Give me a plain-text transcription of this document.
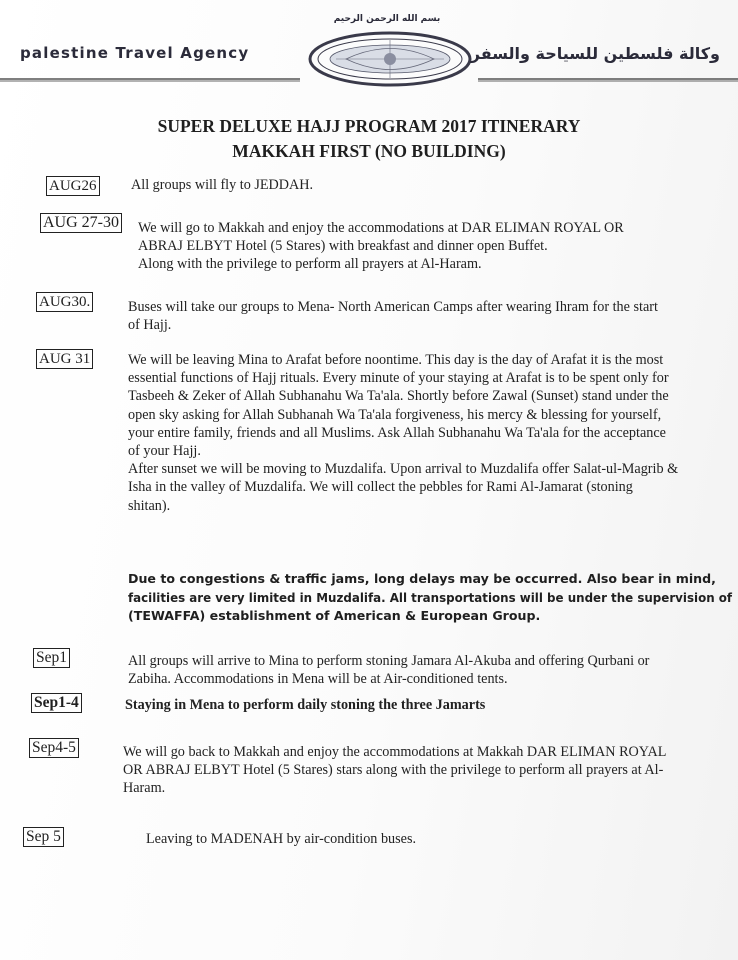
بسم الله الرحمن الرحيم
palestine Travel Agency	وكالة فلسطين للسياحة والسفر
SUPER DELUXE HAJJ PROGRAM 2017 ITINERARY
MAKKAH FIRST (NO BUILDING)
AUG26 All groups will fly to JEDDAH.
AUG 27-30 We will go to Makkah and enjoy the accommodations at DAR ELIMAN ROYAL OR
ABRAJ ELBYT Hotel (5 Stares) with breakfast and dinner open Buffet.
Along with the privilege to perform all prayers at Al-Haram.
AUG30.	Buses will take our groups to Mena- North American Camps after wearing Ihram for the start
of Hajj.
AUG 31	We will be leaving Mina to Arafat before noontime. This day is the day of Arafat it is the most
essential functions of Hajj rituals. Every minute of your staying at Arafat is to be spent only for
Tasbeeh & Zeker of Allah Subhanahu Wa Ta'ala. Shortly before Zawal (Sunset) stand under the
open sky asking for Allah Subhanah Wa Ta'ala forgiveness, his mercy & blessing for yourself,
your entire family, friends and all Muslims. Ask Allah Subhanahu Wa Ta'ala for the acceptance
of your Hajj.
After sunset we will be moving to Muzdalifa. Upon arrival to Muzdalifa offer Salat-ul-Magrib &
Isha in the valley of Muzdalifa. We will collect the pebbles for Rami Al-Jamarat (stoning
shitan).
Due to congestions & traffic jams, long delays may be occurred. Also bear in mind,
facilities are very limited in Muzdalifa. All transportations will be under the supervision of
(TEWAFFA) establishment of American & European Group.
Sep1	All groups will arrive to Mina to perform stoning Jamara Al-Akuba and offering Qurbani or
Zabiha. Accommodations in Mena will be at Air-conditioned tents.
Sep1-4	Staying in Mena to perform daily stoning the three Jamarts
Sep4-5	We will go back to Makkah and enjoy the accommodations at Makkah DAR ELIMAN ROYAL
OR ABRAJ ELBYT Hotel (5 Stares) stars along with the privilege to perform all prayers at Al-
Haram.
Sep 5	Leaving to MADENAH by air-condition buses.
